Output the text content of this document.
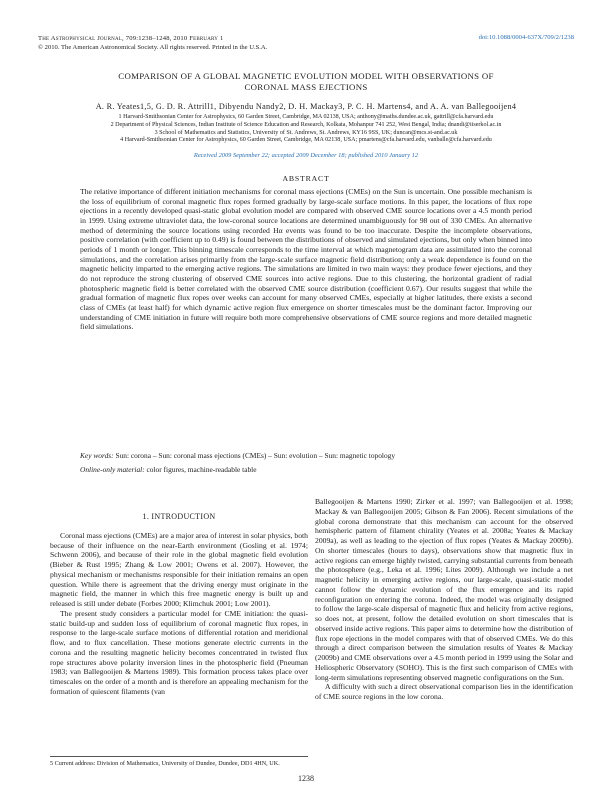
The Astrophysical Journal, 709:1238–1248, 2010 February 1
© 2010. The American Astronomical Society. All rights reserved. Printed in the U.S.A.
doi:10.1088/0004-637X/709/2/1238
COMPARISON OF A GLOBAL MAGNETIC EVOLUTION MODEL WITH OBSERVATIONS OF
CORONAL MASS EJECTIONS
A. R. Yeates1,5, G. D. R. Attrill1, Dibyendu Nandy2, D. H. Mackay3, P. C. H. Martens4, and A. A. van Ballegooijen4
1 Harvard-Smithsonian Center for Astrophysics, 60 Garden Street, Cambridge, MA 02138, USA; anthony@maths.dundee.ac.uk, gattrill@cfa.harvard.edu
2 Department of Physical Sciences, Indian Institute of Science Education and Research, Kolkata, Mohanpur 741 252, West Bengal, India; dnandi@iiserkol.ac.in
3 School of Mathematics and Statistics, University of St. Andrews, St. Andrews, KY16 9SS, UK; duncan@mcs.st-and.ac.uk
4 Harvard-Smithsonian Center for Astrophysics, 60 Garden Street, Cambridge, MA 02138, USA; pmartens@cfa.harvard.edu, vanballe@cfa.harvard.edu
Received 2009 September 22; accepted 2009 December 18; published 2010 January 12
ABSTRACT
The relative importance of different initiation mechanisms for coronal mass ejections (CMEs) on the Sun is uncertain. One possible mechanism is the loss of equilibrium of coronal magnetic flux ropes formed gradually by large-scale surface motions. In this paper, the locations of flux rope ejections in a recently developed quasi-static global evolution model are compared with observed CME source locations over a 4.5 month period in 1999. Using extreme ultraviolet data, the low-coronal source locations are determined unambiguously for 98 out of 330 CMEs. An alternative method of determining the source locations using recorded Hα events was found to be too inaccurate. Despite the incomplete observations, positive correlation (with coefficient up to 0.49) is found between the distributions of observed and simulated ejections, but only when binned into periods of 1 month or longer. This binning timescale corresponds to the time interval at which magnetogram data are assimilated into the coronal simulations, and the correlation arises primarily from the large-scale surface magnetic field distribution; only a weak dependence is found on the magnetic helicity imparted to the emerging active regions. The simulations are limited in two main ways: they produce fewer ejections, and they do not reproduce the strong clustering of observed CME sources into active regions. Due to this clustering, the horizontal gradient of radial photospheric magnetic field is better correlated with the observed CME source distribution (coefficient 0.67). Our results suggest that while the gradual formation of magnetic flux ropes over weeks can account for many observed CMEs, especially at higher latitudes, there exists a second class of CMEs (at least half) for which dynamic active region flux emergence on shorter timescales must be the dominant factor. Improving our understanding of CME initiation in future will require both more comprehensive observations of CME source regions and more detailed magnetic field simulations.
Key words: Sun: corona – Sun: coronal mass ejections (CMEs) – Sun: evolution – Sun: magnetic topology
Online-only material: color figures, machine-readable table
1. INTRODUCTION

Coronal mass ejections (CMEs) are a major area of interest in solar physics, both because of their influence on the near-Earth environment (Gosling et al. 1974; Schwenn 2006), and because of their role in the global magnetic field evolution (Bieber & Rust 1995; Zhang & Low 2001; Owens et al. 2007). However, the physical mechanism or mechanisms responsible for their initiation remains an open question. While there is agreement that the driving energy must originate in the magnetic field, the manner in which this free magnetic energy is built up and released is still under debate (Forbes 2000; Klimchuk 2001; Low 2001).

The present study considers a particular model for CME initiation: the quasi-static build-up and sudden loss of equilibrium of coronal magnetic flux ropes, in response to the large-scale surface motions of differential rotation and meridional flow, and to flux cancellation. These motions generate electric currents in the corona and the resulting magnetic helicity becomes concentrated in twisted flux rope structures above polarity inversion lines in the photospheric field (Pneuman 1983; van Ballegooijen & Martens 1989). This formation process takes place over timescales on the order of a month and is therefore an appealing mechanism for the formation of quiescent filaments (van

Ballegooijen & Martens 1990; Zirker et al. 1997; van Ballegooijen et al. 1998; Mackay & van Ballegooijen 2005; Gibson & Fan 2006). Recent simulations of the global corona demonstrate that this mechanism can account for the observed hemispheric pattern of filament chirality (Yeates et al. 2008a; Yeates & Mackay 2009a), as well as leading to the ejection of flux ropes (Yeates & Mackay 2009b). On shorter timescales (hours to days), observations show that magnetic flux in active regions can emerge highly twisted, carrying substantial currents from beneath the photosphere (e.g., Leka et al. 1996; Lites 2009). Although we include a net magnetic helicity in emerging active regions, our large-scale, quasi-static model cannot follow the dynamic evolution of the flux emergence and its rapid reconfiguration on entering the corona. Indeed, the model was originally designed to follow the large-scale dispersal of magnetic flux and helicity from active regions, so does not, at present, follow the detailed evolution on short timescales that is observed inside active regions. This paper aims to determine how the distribution of flux rope ejections in the model compares with that of observed CMEs. We do this through a direct comparison between the simulation results of Yeates & Mackay (2009b) and CME observations over a 4.5 month period in 1999 using the Solar and Heliospheric Observatory (SOHO). This is the first such comparison of CMEs with long-term simulations representing observed magnetic configurations on the Sun.

A difficulty with such a direct observational comparison lies in the identification of CME source regions in the low corona.

5 Current address: Division of Mathematics, University of Dundee, Dundee, DD1 4HN, UK.
1238
